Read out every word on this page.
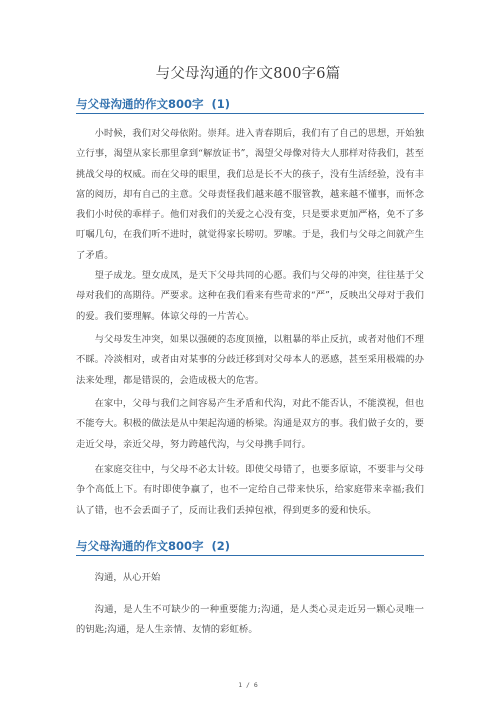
与父母沟通的作文800字6篇
与父母沟通的作文800字  (1)

小时候，我们对父母依附。崇拜。进入青春期后，我们有了自己的思想，开始独立行事，渴望从家长那里拿到“解放证书”，渴望父母像对待大人那样对待我们，甚至挑战父母的权威。而在父母的眼里，我们总是长不大的孩子，没有生活经验，没有丰富的阅历，却有自己的主意。父母责怪我们越来越不服管教，越来越不懂事，而怀念我们小时侯的乖样子。他们对我们的关爱之心没有变，只是要求更加严格，免不了多叮嘱几句，在我们听不进时，就觉得家长唠叨。罗嗦。于是，我们与父母之间就产生了矛盾。

望子成龙。望女成凤，是天下父母共同的心愿。我们与父母的冲突，往往基于父母对我们的高期待。严要求。这种在我们看来有些苛求的“严”，反映出父母对于我们的爱。我们要理解。体谅父母的一片苦心。

与父母发生冲突，如果以强硬的态度顶撞，以粗暴的举止反抗，或者对他们不理不睬。冷淡相对，或者由对某事的分歧迁移到对父母本人的恶感，甚至采用极端的办法来处理，都是错误的，会造成极大的危害。

在家中，父母与我们之间容易产生矛盾和代沟，对此不能否认，不能漠视，但也不能夸大。积极的做法是从中架起沟通的桥梁。沟通是双方的事。我们做子女的，要走近父母，亲近父母，努力跨越代沟，与父母携手同行。

在家庭交往中，与父母不必太计较。即使父母错了，也要多原谅，不要非与父母争个高低上下。有时即使争赢了，也不一定给自己带来快乐，给家庭带来幸福;我们认了错，也不会丢面子了，反而让我们丢掉包袱，得到更多的爱和快乐。

与父母沟通的作文800字  (2)

沟通，从心开始

沟通，是人生不可缺少的一种重要能力;沟通，是人类心灵走近另一颗心灵唯一的钥匙;沟通，是人生亲情、友情的彩虹桥。

1 / 6
